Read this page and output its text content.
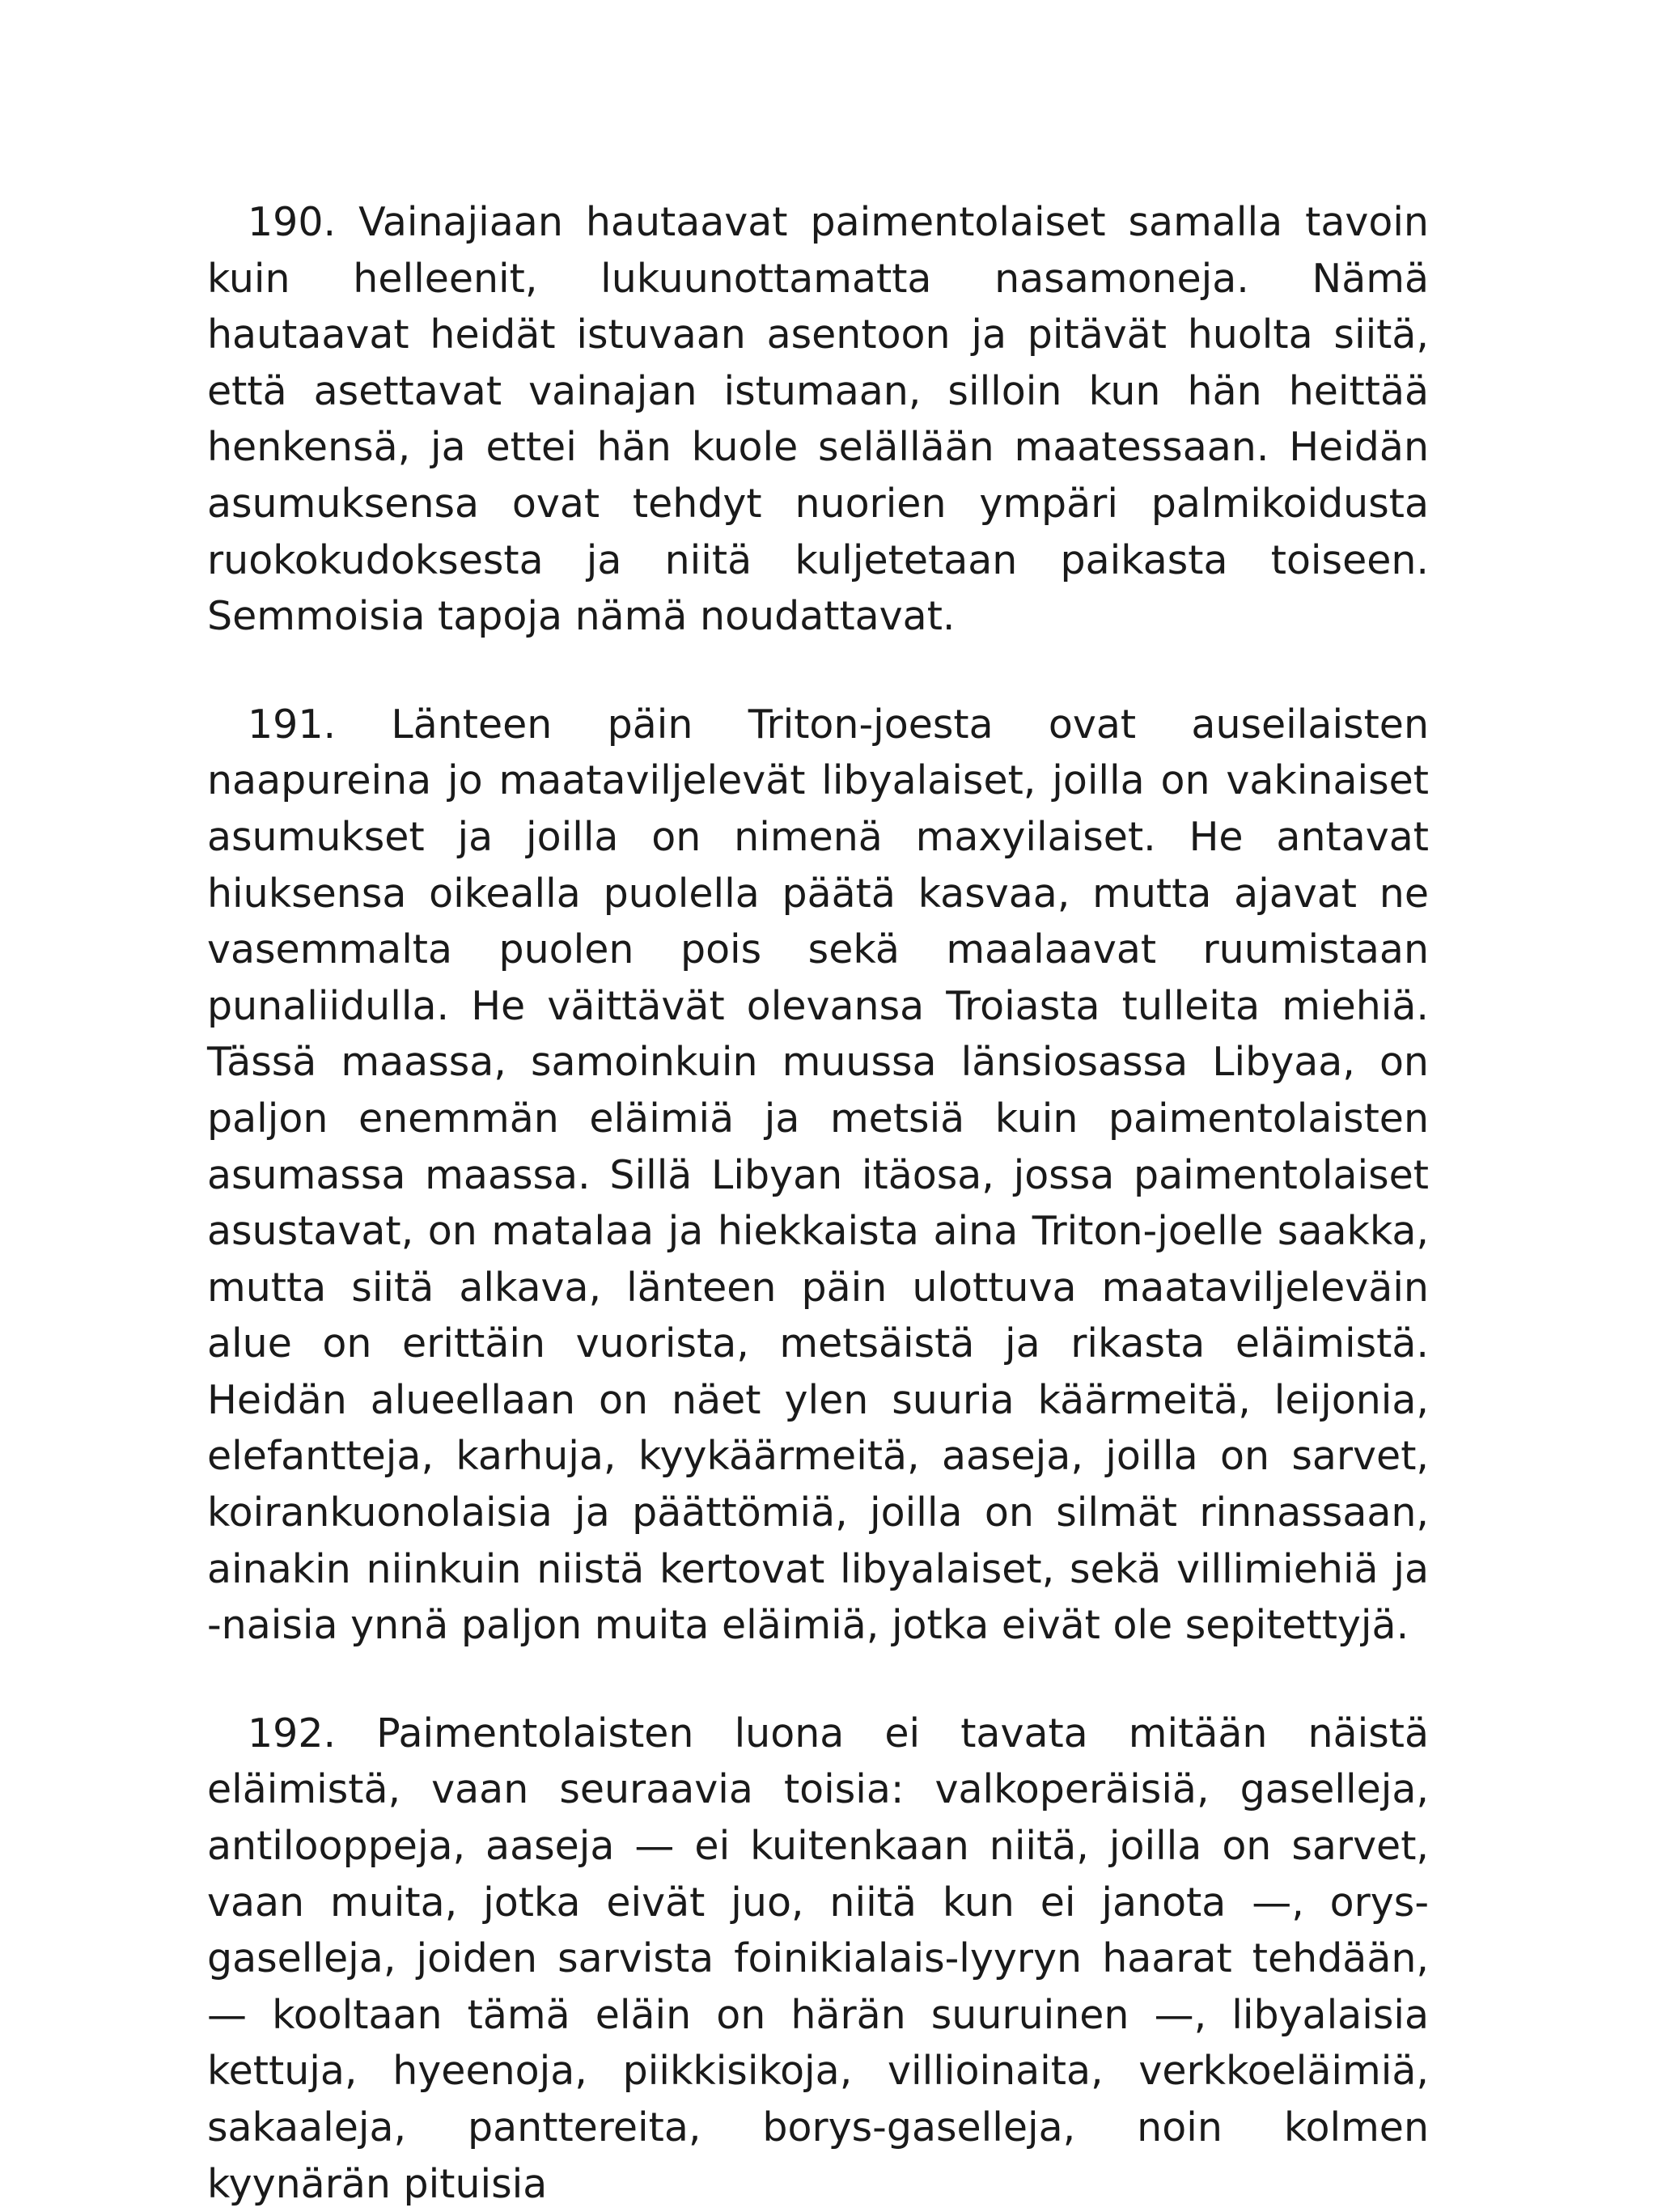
190. Vainajiaan hautaavat paimentolaiset samalla tavoin kuin helleenit, lukuunottamatta nasamoneja. Nämä hautaavat heidät istuvaan asentoon ja pitävät huolta siitä, että asettavat vainajan istumaan, silloin kun hän heittää henkensä, ja ettei hän kuole selällään maatessaan. Heidän asumuksensa ovat tehdyt nuorien ympäri palmikoidusta ruokokudoksesta ja niitä kuljetetaan paikasta toiseen. Semmoisia tapoja nämä noudattavat.

191. Länteen päin Triton-joesta ovat auseilaisten naapureina jo maataviljelevät libyalaiset, joilla on vakinaiset asumukset ja joilla on nimenä maxyilaiset. He antavat hiuksensa oikealla puolella päätä kasvaa, mutta ajavat ne vasemmalta puolen pois sekä maalaavat ruumistaan punaliidulla. He väittävät olevansa Troiasta tulleita miehiä. Tässä maassa, samoinkuin muussa länsiosassa Libyaa, on paljon enemmän eläimiä ja metsiä kuin paimentolaisten asumassa maassa. Sillä Libyan itäosa, jossa paimentolaiset asustavat, on matalaa ja hiekkaista aina Triton-joelle saakka, mutta siitä alkava, länteen päin ulottuva maataviljeleväin alue on erittäin vuorista, metsäistä ja rikasta eläimistä. Heidän alueellaan on näet ylen suuria käärmeitä, leijonia, elefantteja, karhuja, kyykäärmeitä, aaseja, joilla on sarvet, koirankuonolaisia ja päättömiä, joilla on silmät rinnassaan, ainakin niinkuin niistä kertovat libyalaiset, sekä villimiehiä ja -naisia ynnä paljon muita eläimiä, jotka eivät ole sepitettyjä.

192. Paimentolaisten luona ei tavata mitään näistä eläimistä, vaan seuraavia toisia: valkoperäisiä, gaselleja, antilooppeja, aaseja — ei kuitenkaan niitä, joilla on sarvet, vaan muita, jotka eivät juo, niitä kun ei janota —, orys-gaselleja, joiden sarvista foinikialais-lyyryn haarat tehdään, — kooltaan tämä eläin on härän suuruinen —, libyalaisia kettuja, hyeenoja, piikkisikoja, villioinaita, verkkoeläimiä, sakaaleja, panttereita, borys-gaselleja, noin kolmen kyynärän pituisia
